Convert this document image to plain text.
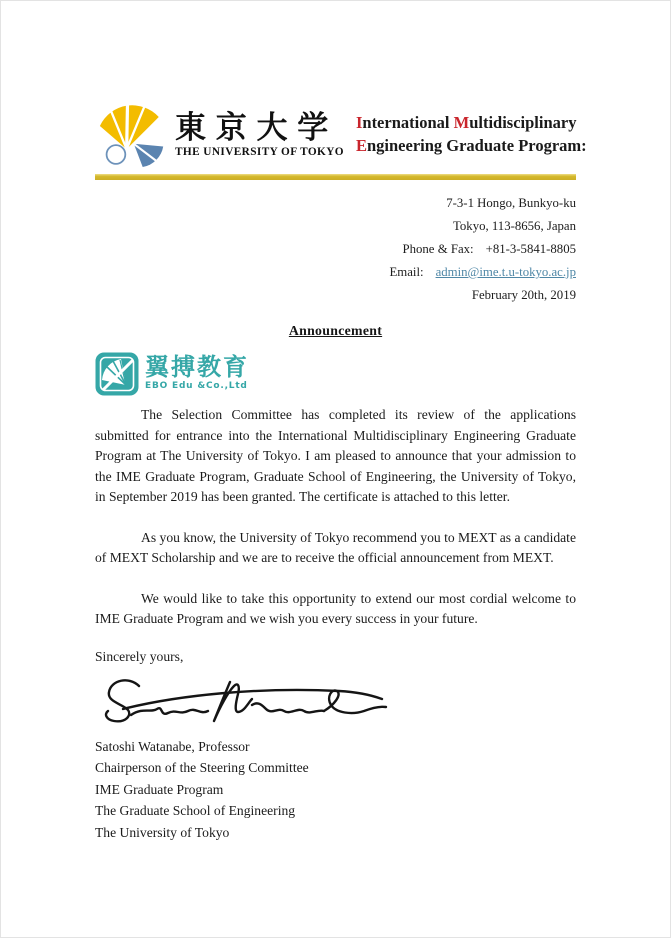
東 京 大 学
THE UNIVERSITY OF TOKYO
International Multidisciplinary
Engineering Graduate Program:
7-3-1 Hongo, Bunkyo-ku
Tokyo, 113-8656, Japan
Phone & Fax: +81-3-5841-8805
Email: admin@ime.t.u-tokyo.ac.jp
February 20th, 2019
Announcement
翼搏教育
EBO Edu &Co.,Ltd

The Selection Committee has completed its review of the applications submitted for entrance into the International Multidisciplinary Engineering Graduate Program at The University of Tokyo. I am pleased to announce that your admission to the IME Graduate Program, Graduate School of Engineering, the University of Tokyo, in September 2019 has been granted. The certificate is attached to this letter.

As you know, the University of Tokyo recommend you to MEXT as a candidate of MEXT Scholarship and we are to receive the official announcement from MEXT.

We would like to take this opportunity to extend our most cordial welcome to IME Graduate Program and we wish you every success in your future.

Sincerely yours,

Satoshi Watanabe, Professor
Chairperson of the Steering Committee
IME Graduate Program
The Graduate School of Engineering
The University of Tokyo
